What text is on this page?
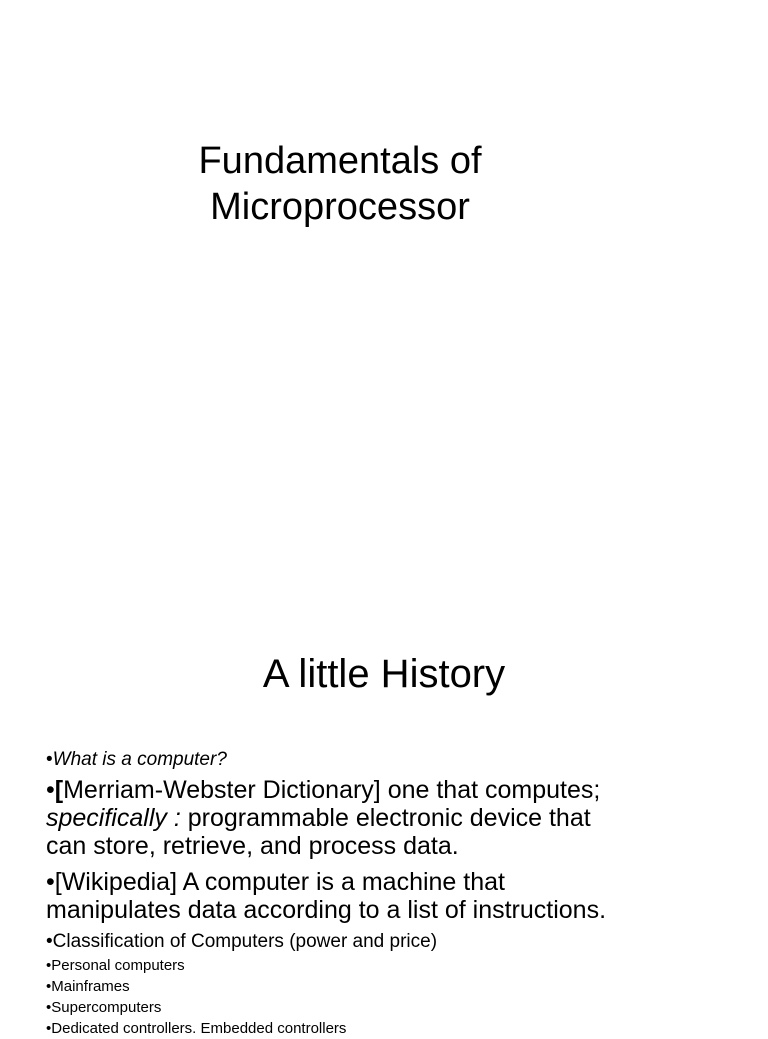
Fundamentals of
Microprocessor
A little History

•What is a computer?

•[Merriam-Webster Dictionary] one that computes;
specifically : programmable electronic device that
can store, retrieve, and process data.

•[Wikipedia] A computer is a machine that
manipulates data according to a list of instructions.

•Classification of Computers (power and price)

•Personal computers

•Mainframes

•Supercomputers

•Dedicated controllers. Embedded controllers
